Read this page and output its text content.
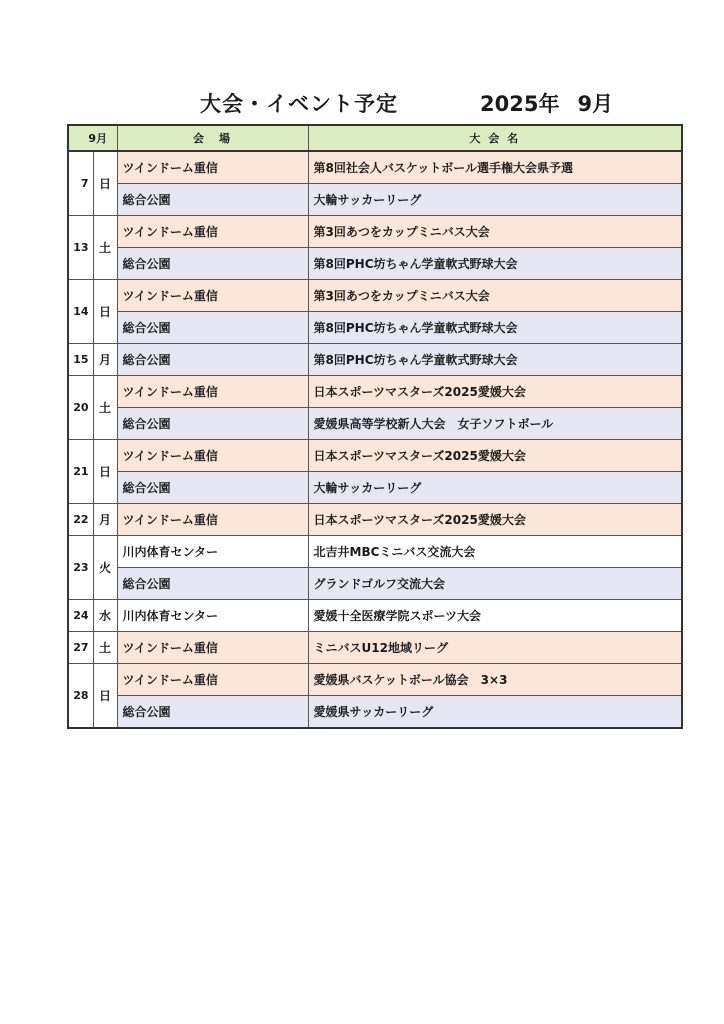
大会・イベント予定	2025年 9月
9月		会　場	大 会 名
7	日	ツインドーム重信	第8回社会人バスケットボール選手権大会県予選
		総合公園	大輪サッカーリーグ
13	土	ツインドーム重信	第3回あつをカップミニバス大会
		総合公園	第8回PHC坊ちゃん学童軟式野球大会
14	日	ツインドーム重信	第3回あつをカップミニバス大会
		総合公園	第8回PHC坊ちゃん学童軟式野球大会
15	月	総合公園	第8回PHC坊ちゃん学童軟式野球大会
20	土	ツインドーム重信	日本スポーツマスターズ2025愛媛大会
		総合公園	愛媛県高等学校新人大会　女子ソフトボール
21	日	ツインドーム重信	日本スポーツマスターズ2025愛媛大会
		総合公園	大輪サッカーリーグ
22	月	ツインドーム重信	日本スポーツマスターズ2025愛媛大会
23	火	川内体育センター	北吉井MBCミニバス交流大会
		総合公園	グランドゴルフ交流大会
24	水	川内体育センター	愛媛十全医療学院スポーツ大会
27	土	ツインドーム重信	ミニバスU12地域リーグ
28	日	ツインドーム重信	愛媛県バスケットボール協会　3×3
		総合公園	愛媛県サッカーリーグ
